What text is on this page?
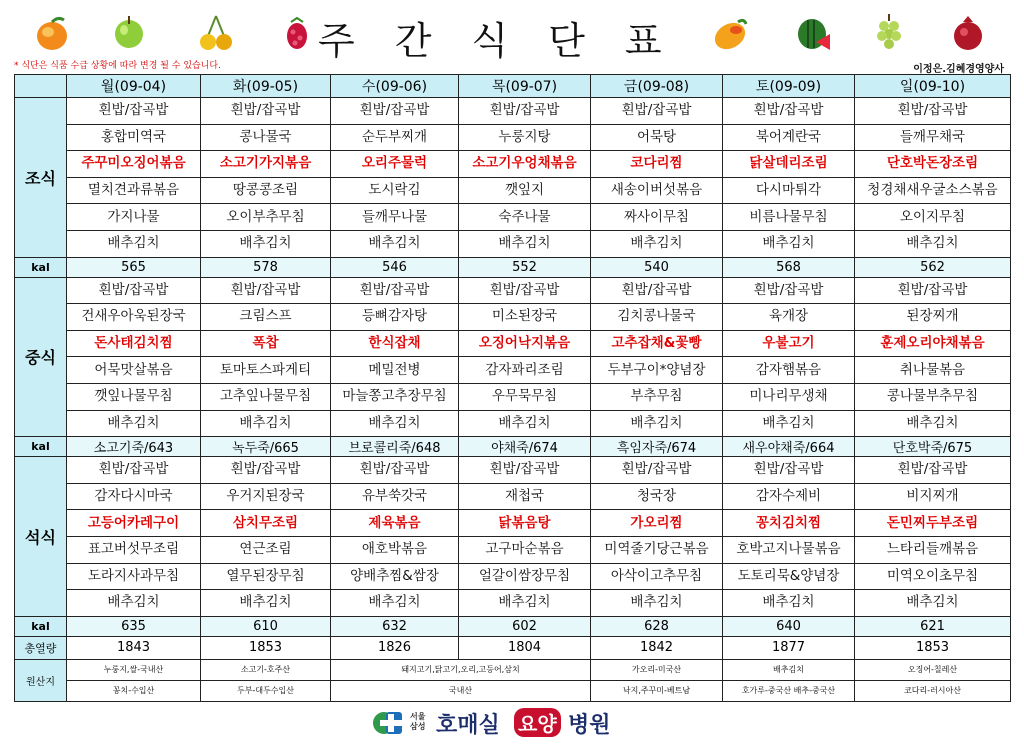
주간식단표
* 식단은 식품 수급 상황에 따라 변경 될 수 있습니다.	이정은.김혜경영양사
	월(09-04)	화(09-05)	수(09-06)	목(09-07)	금(09-08)	토(09-09)	일(09-10)
조식	흰밥/잡곡밥	흰밥/잡곡밥	흰밥/잡곡밥	흰밥/잡곡밥	흰밥/잡곡밥	흰밥/잡곡밥	흰밥/잡곡밥
	홍합미역국	콩나물국	순두부찌개	누룽지탕	어묵탕	북어계란국	들깨무채국
	주꾸미오징어볶음	소고기가지볶음	오리주물럭	소고기우엉채볶음	코다리찜	닭살데리조림	단호박돈장조림
	멸치견과류볶음	땅콩콩조림	도시락김	깻잎지	새송이버섯볶음	다시마튀각	청경채새우굴소스볶음
	가지나물	오이부추무침	들깨무나물	숙주나물	짜사이무침	비름나물무침	오이지무침
	배추김치	배추김치	배추김치	배추김치	배추김치	배추김치	배추김치
kal	565	578	546	552	540	568	562
중식	흰밥/잡곡밥	흰밥/잡곡밥	흰밥/잡곡밥	흰밥/잡곡밥	흰밥/잡곡밥	흰밥/잡곡밥	흰밥/잡곡밥
	건새우아욱된장국	크림스프	등뼈감자탕	미소된장국	김치콩나물국	육개장	된장찌개
	돈사태김치찜	폭찹	한식잡채	오징어낙지볶음	고추잡채&꽃빵	우불고기	훈제오리야채볶음
	어묵맛살볶음	토마토스파게티	메밀전병	감자꽈리조림	두부구이*양념장	감자햄볶음	취나물볶음
	깻잎나물무침	고추잎나물무침	마늘쫑고추장무침	우무묵무침	부추무침	미나리무생채	콩나물부추무침
	배추김치	배추김치	배추김치	배추김치	배추김치	배추김치	배추김치
kal	소고기죽/643	녹두죽/665	브로콜리죽/648	야채죽/674	흑임자죽/674	새우야채죽/664	단호박죽/675
석식	흰밥/잡곡밥	흰밥/잡곡밥	흰밥/잡곡밥	흰밥/잡곡밥	흰밥/잡곡밥	흰밥/잡곡밥	흰밥/잡곡밥
	감자다시마국	우거지된장국	유부쑥갓국	재첩국	청국장	감자수제비	비지찌개
	고등어카레구이	삼치무조림	제육볶음	닭볶음탕	가오리찜	꽁치김치찜	돈민찌두부조림
	표고버섯무조림	연근조림	애호박볶음	고구마순볶음	미역줄기당근볶음	호박고지나물볶음	느타리들깨볶음
	도라지사과무침	열무된장무침	양배추찜&쌈장	얼갈이쌈장무침	아삭이고추무침	도토리묵&양념장	미역오이초무침
	배추김치	배추김치	배추김치	배추김치	배추김치	배추김치	배추김치
kal	635	610	632	602	628	640	621
총열량	1843	1853	1826	1804	1842	1877	1853
원산지	누룽지,쌀-국내산	소고기-호주산	돼지고기,닭고기,오리,고등어,삼치		가오리-미국산	배추김치	오징어-칠레산
	꽁치-수입산	두부-대두수입산	국내산		낙지,주꾸미-베트남	호가루-중국산 배추-중국산	코다리-러시아산
서울
삼성 호매실 요양 병원
